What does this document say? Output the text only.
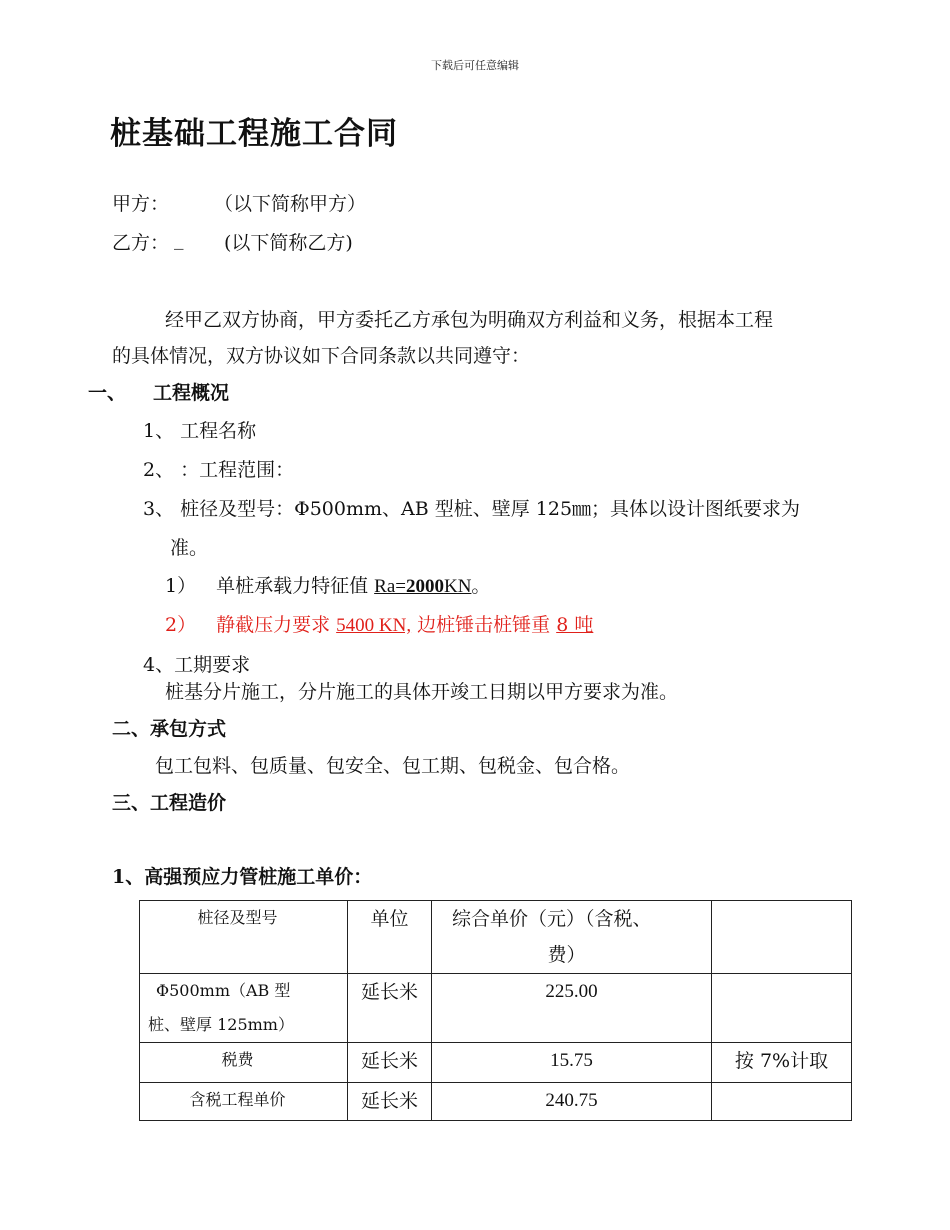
下载后可任意编辑
桩基础工程施工合同
甲方： （以下简称甲方）
乙方： _ (以下简称乙方)
经甲乙双方协商，甲方委托乙方承包为明确双方利益和义务，根据本工程
的具体情况，双方协议如下合同条款以共同遵守：
一、 工程概况
1、 工程名称
2、 ：工程范围：
3、 桩径及型号：Φ500mm、AB 型桩、壁厚 125㎜；具体以设计图纸要求为
准。
1） 单桩承载力特征值 Ra=2000KN。
2） 静截压力要求 5400 KN, 边桩锤击桩锤重 8 吨
4、工期要求
桩基分片施工，分片施工的具体开竣工日期以甲方要求为准。
二、承包方式
包工包料、包质量、包安全、包工期、包税金、包合格。
三、工程造价
1、高强预应力管桩施工单价：
桩径及型号	单位	综合单价（元）（含税、
费）	

Φ500mm（AB 型
桩、壁厚 125mm）	延长米	225.00	

税费	延长米	15.75	按 7%计取

含税工程单价	延长米	240.75	
